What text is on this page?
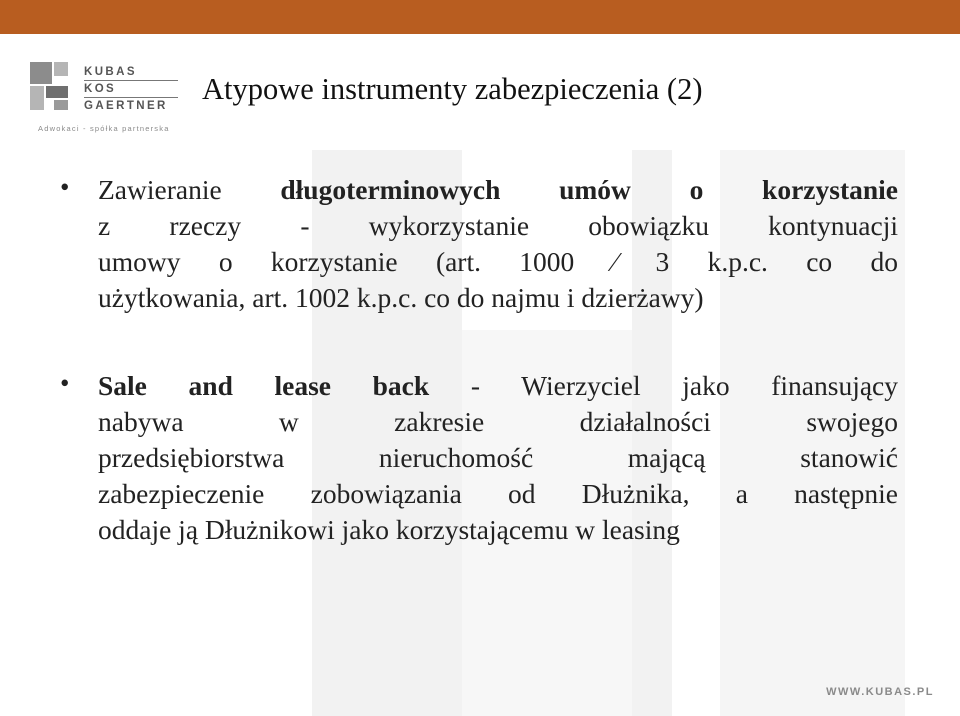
KUBAS
KOS
GAERTNER
Adwokaci - spółka partnerska
Atypowe instrumenty zabezpieczenia (2)
• Zawieranie długoterminowych umów o korzystanie
z rzeczy - wykorzystanie obowiązku kontynuacji
umowy o korzystanie (art. 1000 ⁄ 3 k.p.c. co do
użytkowania, art. 1002 k.p.c. co do najmu i dzierżawy)
• Sale and lease back - Wierzyciel jako finansujący
nabywa w zakresie działalności swojego
przedsiębiorstwa nieruchomość mającą stanowić
zabezpieczenie zobowiązania od Dłużnika, a następnie
oddaje ją Dłużnikowi jako korzystającemu w leasing
WWW.KUBAS.PL
